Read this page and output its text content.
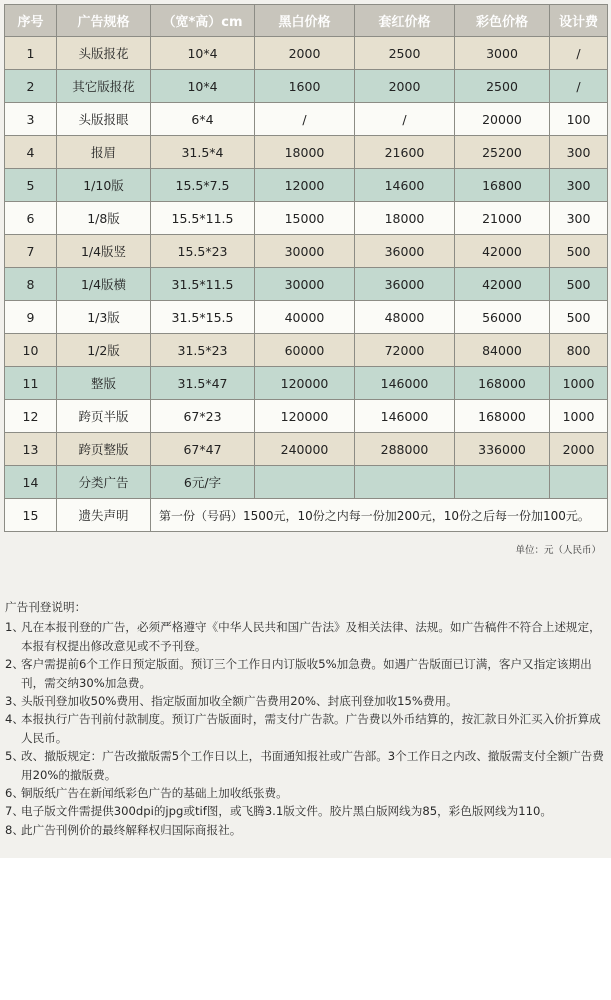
序号	广告规格	（宽*高）cm	黑白价格	套红价格	彩色价格	设计费
1	头版报花	10*4	2000	2500	3000	/
2	其它版报花	10*4	1600	2000	2500	/
3	头版报眼	6*4	/	/	20000	100
4	报眉	31.5*4	18000	21600	25200	300
5	1/10版	15.5*7.5	12000	14600	16800	300
6	1/8版	15.5*11.5	15000	18000	21000	300
7	1/4版竖	15.5*23	30000	36000	42000	500
8	1/4版横	31.5*11.5	30000	36000	42000	500
9	1/3版	31.5*15.5	40000	48000	56000	500
10	1/2版	31.5*23	60000	72000	84000	800
11	整版	31.5*47	120000	146000	168000	1000
12	跨页半版	67*23	120000	146000	168000	1000
13	跨页整版	67*47	240000	288000	336000	2000
14	分类广告	6元/字				
15	遗失声明	第一份（号码）1500元，10份之内每一份加200元，10份之后每一份加100元。				
单位：元（人民币）
广告刊登说明：
1、
凡在本报刊登的广告，必须严格遵守《中华人民共和国广告法》及相关法律、法规。如广告稿件不符合上述规定，本报有权提出修改意见或不予刊登。
2、
客户需提前6个工作日预定版面。预订三个工作日内订版收5%加急费。如遇广告版面已订满，客户又指定该期出刊，需交纳30%加急费。
3、
头版刊登加收50%费用、指定版面加收全额广告费用20%、封底刊登加收15%费用。
4、
本报执行广告刊前付款制度。预订广告版面时，需支付广告款。广告费以外币结算的，按汇款日外汇买入价折算成人民币。
5、
改、撤版规定：广告改撤版需5个工作日以上，书面通知报社或广告部。3个工作日之内改、撤版需支付全额广告费用20%的撤版费。
6、
铜版纸广告在新闻纸彩色广告的基础上加收纸张费。
7、
电子版文件需提供300dpi的jpg或tif图，或飞腾3.1版文件。胶片黑白版网线为85，彩色版网线为110。
8、
此广告刊例价的最终解释权归国际商报社。
